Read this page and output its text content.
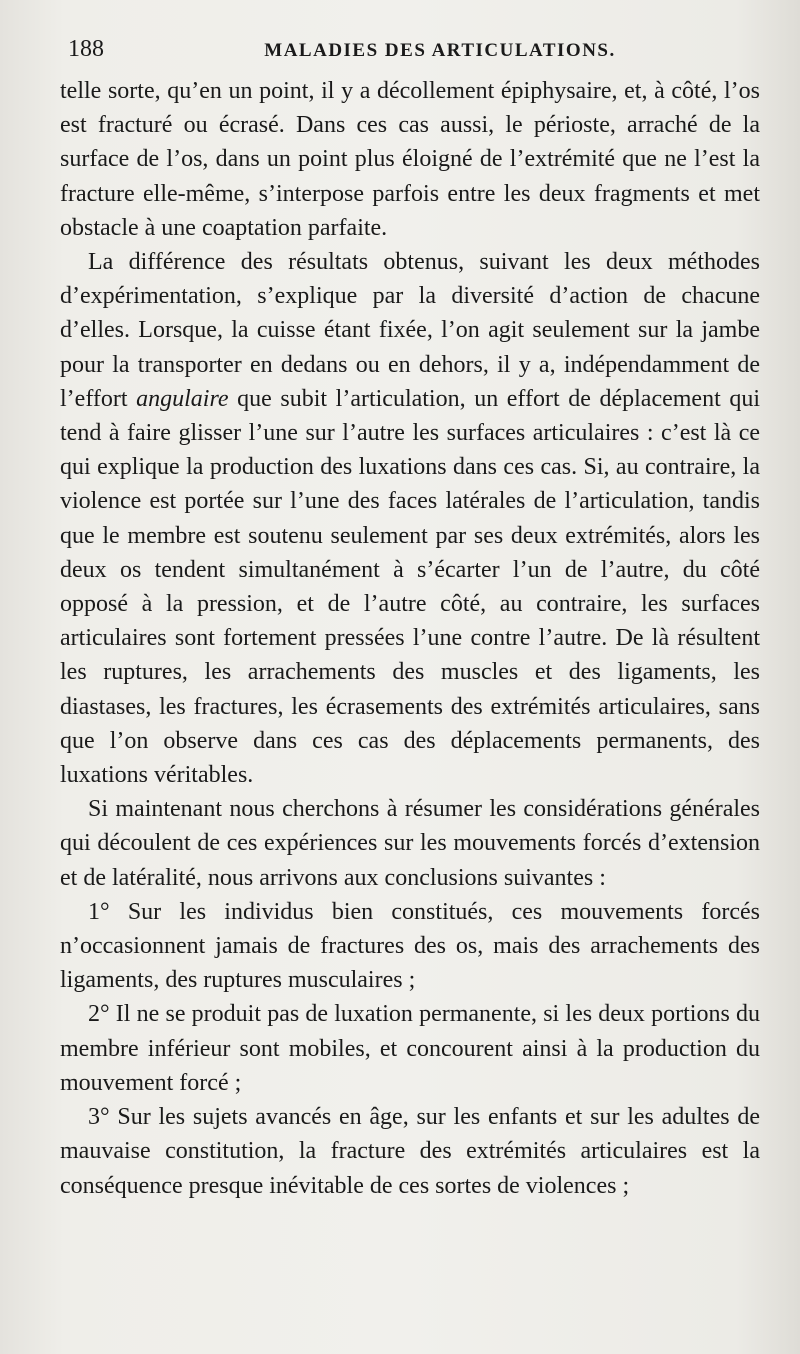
188	MALADIES DES ARTICULATIONS.

telle sorte, qu’en un point, il y a décollement épiphysaire, et, à côté, l’os est fracturé ou écrasé. Dans ces cas aussi, le périoste, arraché de la surface de l’os, dans un point plus éloigné de l’extrémité que ne l’est la fracture elle-même, s’interpose parfois entre les deux fragments et met obstacle à une coaptation parfaite.

La différence des résultats obtenus, suivant les deux méthodes d’expérimentation, s’explique par la diversité d’action de chacune d’elles. Lorsque, la cuisse étant fixée, l’on agit seulement sur la jambe pour la transporter en dedans ou en dehors, il y a, indépendamment de l’effort angulaire que subit l’articulation, un effort de déplacement qui tend à faire glisser l’une sur l’autre les surfaces articulaires : c’est là ce qui explique la production des luxations dans ces cas. Si, au contraire, la violence est portée sur l’une des faces latérales de l’articulation, tandis que le membre est soutenu seulement par ses deux extrémités, alors les deux os tendent simultanément à s’écarter l’un de l’autre, du côté opposé à la pression, et de l’autre côté, au contraire, les surfaces articulaires sont fortement pressées l’une contre l’autre. De là résultent les ruptures, les arrachements des muscles et des ligaments, les diastases, les fractures, les écrasements des extrémités articulaires, sans que l’on observe dans ces cas des déplacements permanents, des luxations véritables.

Si maintenant nous cherchons à résumer les considérations générales qui découlent de ces expériences sur les mouvements forcés d’extension et de latéralité, nous arrivons aux conclusions suivantes :

1° Sur les individus bien constitués, ces mouvements forcés n’occasionnent jamais de fractures des os, mais des arrachements des ligaments, des ruptures musculaires ;

2° Il ne se produit pas de luxation permanente, si les deux portions du membre inférieur sont mobiles, et concourent ainsi à la production du mouvement forcé ;

3° Sur les sujets avancés en âge, sur les enfants et sur les adultes de mauvaise constitution, la fracture des extrémités articulaires est la conséquence presque inévitable de ces sortes de violences ;
